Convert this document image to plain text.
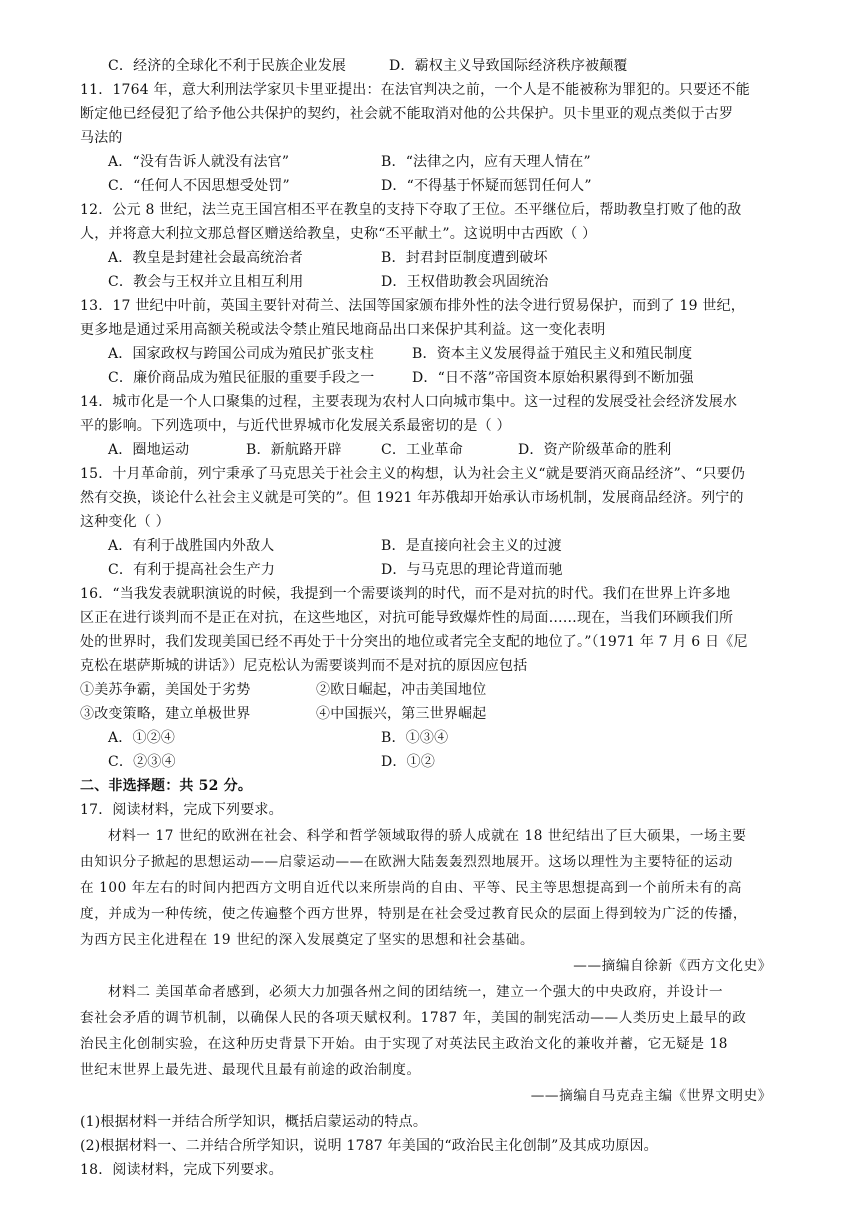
C．经济的全球化不利于民族企业发展	D．霸权主义导致国际经济秩序被颠覆
11．1764 年，意大利刑法学家贝卡里亚提出：在法官判决之前，一个人是不能被称为罪犯的。只要还不能
断定他已经侵犯了给予他公共保护的契约，社会就不能取消对他的公共保护。贝卡里亚的观点类似于古罗
马法的
A．“没有告诉人就没有法官”	B．“法律之内，应有天理人情在”
C．“任何人不因思想受处罚”	D．“不得基于怀疑而惩罚任何人”
12．公元 8 世纪，法兰克王国宫相丕平在教皇的支持下夺取了王位。丕平继位后，帮助教皇打败了他的敌
人，并将意大利拉文那总督区赠送给教皇，史称“丕平献土”。这说明中古西欧（ ）
A．教皇是封建社会最高统治者	B．封君封臣制度遭到破坏
C．教会与王权并立且相互利用	D．王权借助教会巩固统治
13．17 世纪中叶前，英国主要针对荷兰、法国等国家颁布排外性的法令进行贸易保护，而到了 19 世纪，
更多地是通过采用高额关税或法令禁止殖民地商品出口来保护其利益。这一变化表明
A．国家政权与跨国公司成为殖民扩张支柱	B．资本主义发展得益于殖民主义和殖民制度
C．廉价商品成为殖民征服的重要手段之一	D．“日不落”帝国资本原始积累得到不断加强
14．城市化是一个人口聚集的过程，主要表现为农村人口向城市集中。这一过程的发展受社会经济发展水
平的影响。下列选项中，与近代世界城市化发展关系最密切的是（ ）
A．圈地运动	B．新航路开辟	C．工业革命	D．资产阶级革命的胜利
15．十月革命前，列宁秉承了马克思关于社会主义的构想，认为社会主义“就是要消灭商品经济”、“只要仍
然有交换，谈论什么社会主义就是可笑的”。但 1921 年苏俄却开始承认市场机制，发展商品经济。列宁的
这种变化（ ）
A．有利于战胜国内外敌人	B．是直接向社会主义的过渡
C．有利于提高社会生产力	D．与马克思的理论背道而驰
16．“当我发表就职演说的时候，我提到一个需要谈判的时代，而不是对抗的时代。我们在世界上许多地
区正在进行谈判而不是正在对抗，在这些地区，对抗可能导致爆炸性的局面……现在，当我们环顾我们所
处的世界时，我们发现美国已经不再处于十分突出的地位或者完全支配的地位了。”（1971 年 7 月 6 日《尼
克松在堪萨斯城的讲话》）尼克松认为需要谈判而不是对抗的原因应包括
①美苏争霸，美国处于劣势	②欧日崛起，冲击美国地位
③改变策略，建立单极世界	④中国振兴，第三世界崛起
A．①②④	B．①③④
C．②③④	D．①②
二、非选择题：共 52 分。
17．阅读材料，完成下列要求。
材料一 17 世纪的欧洲在社会、科学和哲学领域取得的骄人成就在 18 世纪结出了巨大硕果，一场主要
由知识分子掀起的思想运动——启蒙运动——在欧洲大陆轰轰烈烈地展开。这场以理性为主要特征的运动
在 100 年左右的时间内把西方文明自近代以来所崇尚的自由、平等、民主等思想提高到一个前所未有的高
度，并成为一种传统，使之传遍整个西方世界，特别是在社会受过教育民众的层面上得到较为广泛的传播，
为西方民主化进程在 19 世纪的深入发展奠定了坚实的思想和社会基础。
——摘编自徐新《西方文化史》
材料二 美国革命者感到，必须大力加强各州之间的团结统一，建立一个强大的中央政府，并设计一
套社会矛盾的调节机制，以确保人民的各项天赋权利。1787 年，美国的制宪活动——人类历史上最早的政
治民主化创制实验，在这种历史背景下开始。由于实现了对英法民主政治文化的兼收并蓄，它无疑是 18
世纪末世界上最先进、最现代且最有前途的政治制度。
——摘编自马克垚主编《世界文明史》
(1)根据材料一并结合所学知识，概括启蒙运动的特点。
(2)根据材料一、二并结合所学知识，说明 1787 年美国的“政治民主化创制”及其成功原因。
18．阅读材料，完成下列要求。
